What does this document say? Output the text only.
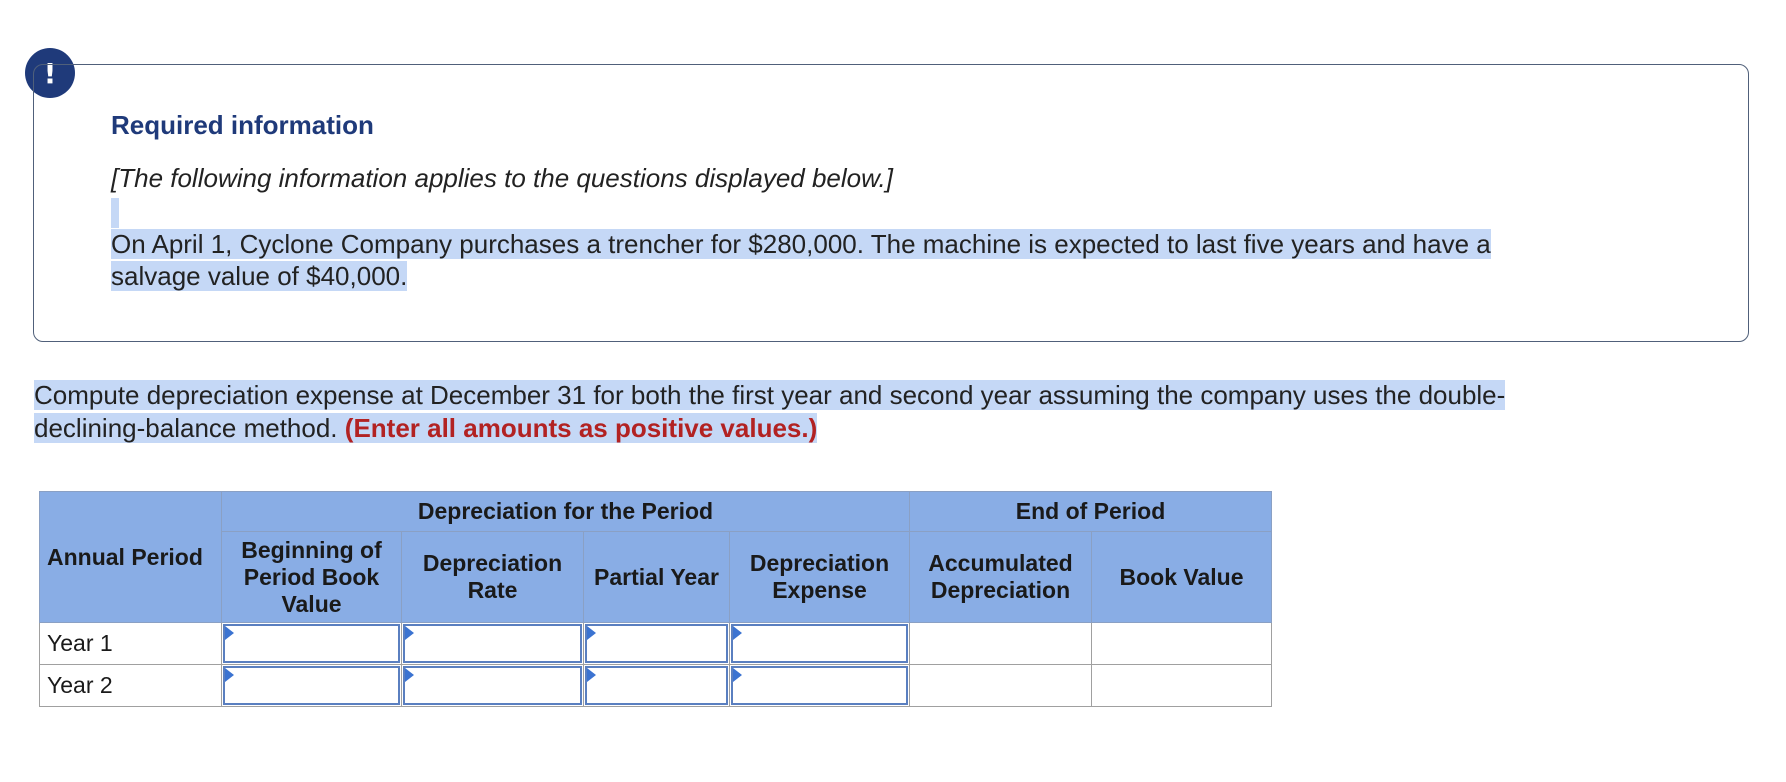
!
Required information
[The following information applies to the questions displayed below.]
On April 1, Cyclone Company purchases a trencher for $280,000. The machine is expected to last five years and have a
salvage value of $40,000.
Compute depreciation expense at December 31 for both the first year and second year assuming the company uses the double-
declining-balance method. (Enter all amounts as positive values.)
Annual Period	Depreciation for the Period				End of Period	
	Beginning of Period Book Value	Depreciation Rate	Partial Year	Depreciation Expense	Accumulated Depreciation	Book Value
Year 1	

Year 2	
